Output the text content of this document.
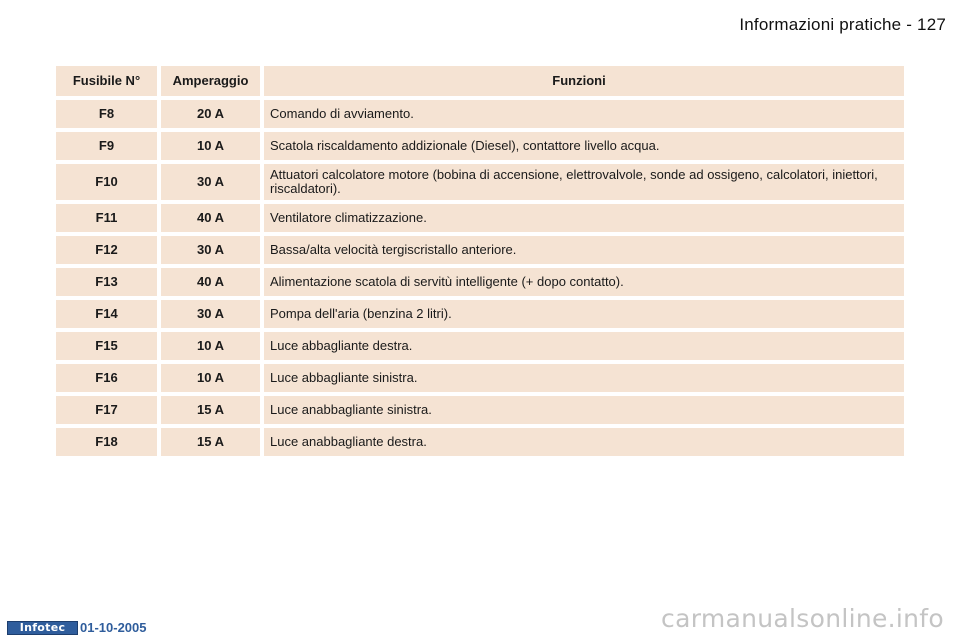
Informazioni pratiche - 127
Fusibile N°	Amperaggio	Funzioni
F8	20 A	Comando di avviamento.
F9	10 A	Scatola riscaldamento addizionale (Diesel), contattore livello acqua.
F10	30 A	Attuatori calcolatore motore (bobina di accensione, elettrovalvole, sonde ad ossigeno, calcolatori, iniettori, riscaldatori).
F11	40 A	Ventilatore climatizzazione.
F12	30 A	Bassa/alta velocità tergiscristallo anteriore.
F13	40 A	Alimentazione scatola di servitù intelligente (+ dopo contatto).
F14	30 A	Pompa dell'aria (benzina 2 litri).
F15	10 A	Luce abbagliante destra.
F16	10 A	Luce abbagliante sinistra.
F17	15 A	Luce anabbagliante sinistra.
F18	15 A	Luce anabbagliante destra.
Infotec	01-10-2005	carmanualsonline.info
